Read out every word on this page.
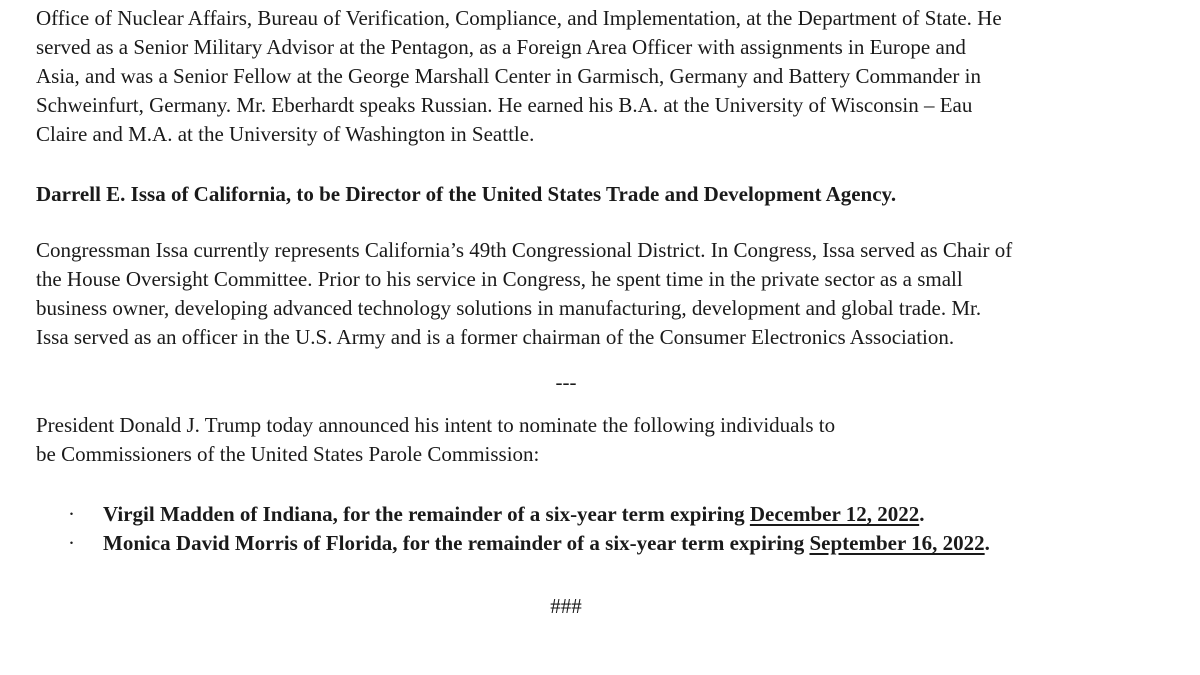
Office of Nuclear Affairs, Bureau of Verification, Compliance, and Implementation, at the Department of State. He
served as a Senior Military Advisor at the Pentagon, as a Foreign Area Officer with assignments in Europe and
Asia, and was a Senior Fellow at the George Marshall Center in Garmisch, Germany and Battery Commander in
Schweinfurt, Germany. Mr. Eberhardt speaks Russian. He earned his B.A. at the University of Wisconsin – Eau
Claire and M.A. at the University of Washington in Seattle.

Darrell E. Issa of California, to be Director of the United States Trade and Development Agency.

Congressman Issa currently represents California’s 49th Congressional District. In Congress, Issa served as Chair of
the House Oversight Committee. Prior to his service in Congress, he spent time in the private sector as a small
business owner, developing advanced technology solutions in manufacturing, development and global trade. Mr.
Issa served as an officer in the U.S. Army and is a former chairman of the Consumer Electronics Association.

---

President Donald J. Trump today announced his intent to nominate the following individuals to
be Commissioners of the United States Parole Commission:

· Virgil Madden of Indiana, for the remainder of a six-year term expiring December 12, 2022.
· Monica David Morris of Florida, for the remainder of a six-year term expiring September 16, 2022.
###
